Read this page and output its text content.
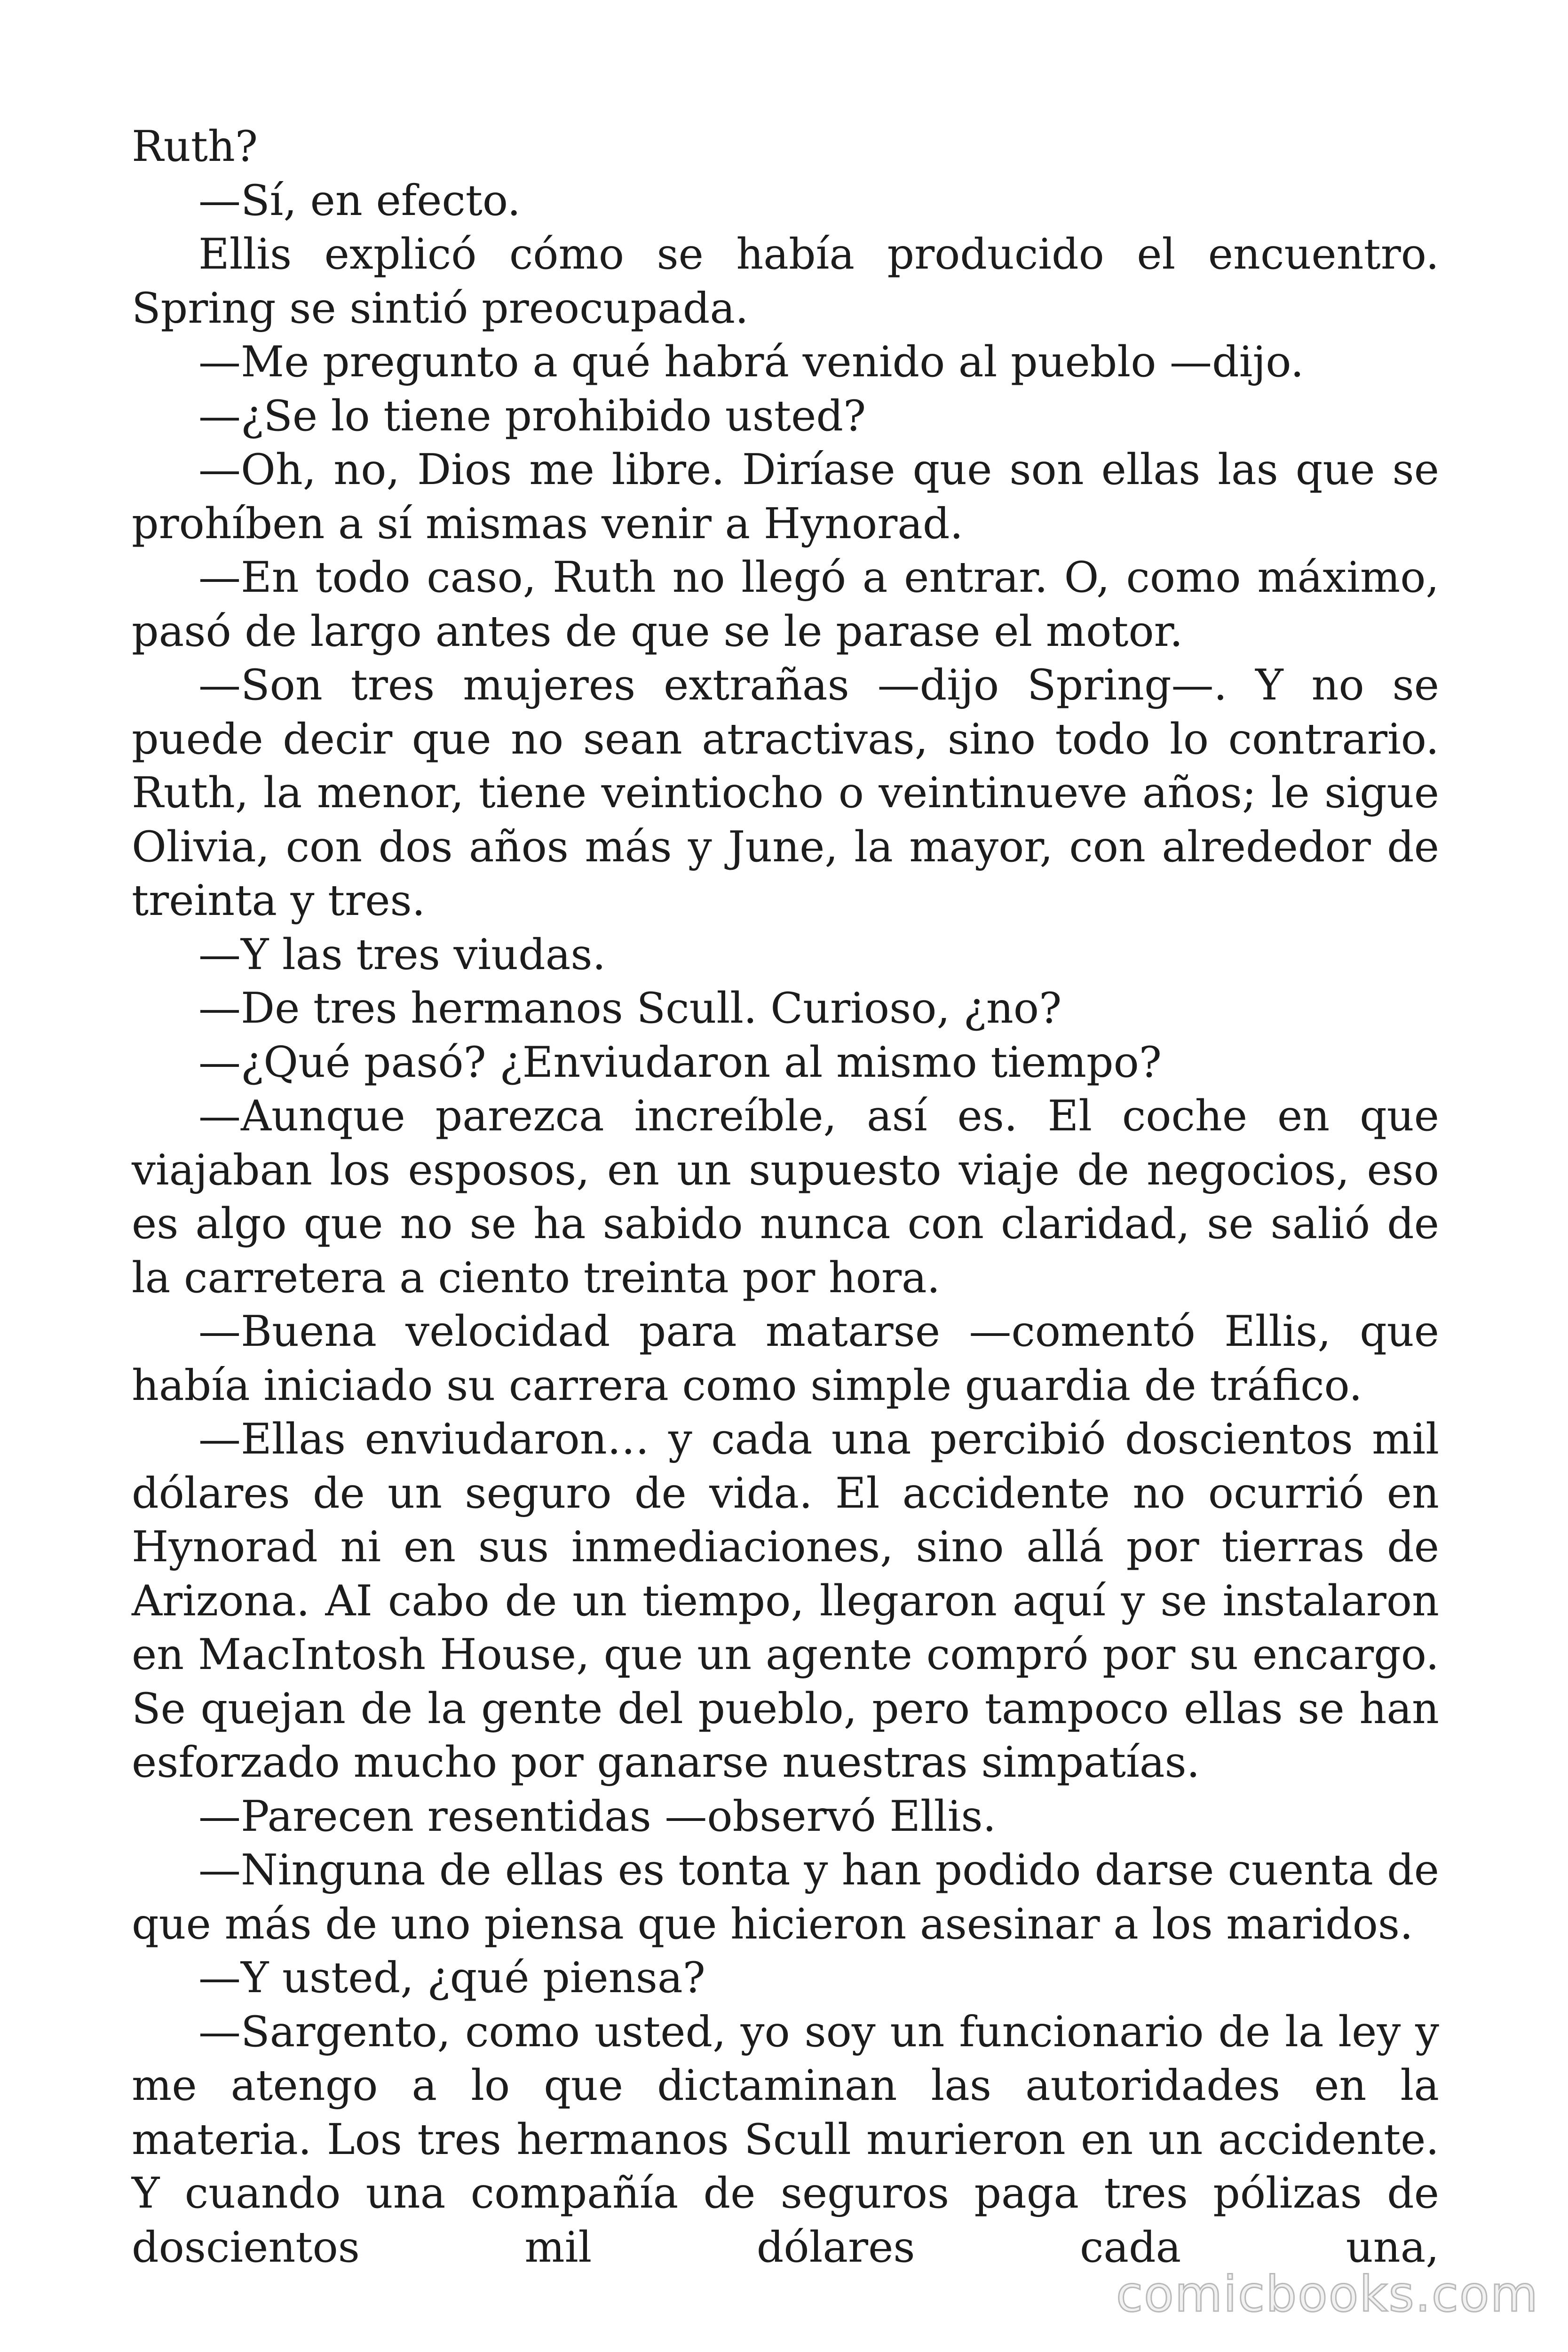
Ruth?

—Sí, en efecto.

Ellis explicó cómo se había producido el encuentro. Spring se sintió preocupada.

—Me pregunto a qué habrá venido al pueblo —dijo.

—¿Se lo tiene prohibido usted?

—Oh, no, Dios me libre. Diríase que son ellas las que se prohíben a sí mismas venir a Hynorad.

—En todo caso, Ruth no llegó a entrar. O, como máximo, pasó de largo antes de que se le parase el motor.

—Son tres mujeres extrañas —dijo Spring—. Y no se puede decir que no sean atractivas, sino todo lo contrario. Ruth, la menor, tiene veintiocho o veintinueve años; le sigue Olivia, con dos años más y June, la mayor, con alrededor de treinta y tres.

—Y las tres viudas.

—De tres hermanos Scull. Curioso, ¿no?

—¿Qué pasó? ¿Enviudaron al mismo tiempo?

—Aunque parezca increíble, así es. El coche en que viajaban los esposos, en un supuesto viaje de negocios, eso es algo que no se ha sabido nunca con claridad, se salió de la carretera a ciento treinta por hora.

—Buena velocidad para matarse —comentó Ellis, que había iniciado su carrera como simple guardia de tráfico.

—Ellas enviudaron… y cada una percibió doscientos mil dólares de un seguro de vida. El accidente no ocurrió en Hynorad ni en sus inmediaciones, sino allá por tierras de Arizona. AI cabo de un tiempo, llegaron aquí y se instalaron en MacIntosh House, que un agente compró por su encargo. Se quejan de la gente del pueblo, pero tampoco ellas se han esforzado mucho por ganarse nuestras simpatías.

—Parecen resentidas —observó Ellis.

—Ninguna de ellas es tonta y han podido darse cuenta de que más de uno piensa que hicieron asesinar a los maridos.

—Y usted, ¿qué piensa?

—Sargento, como usted, yo soy un funcionario de la ley y me atengo a lo que dictaminan las autoridades en la materia. Los tres hermanos Scull murieron en un accidente. Y cuando una compañía de seguros paga tres pólizas de doscientos mil dólares cada una,

comicbooks.com
